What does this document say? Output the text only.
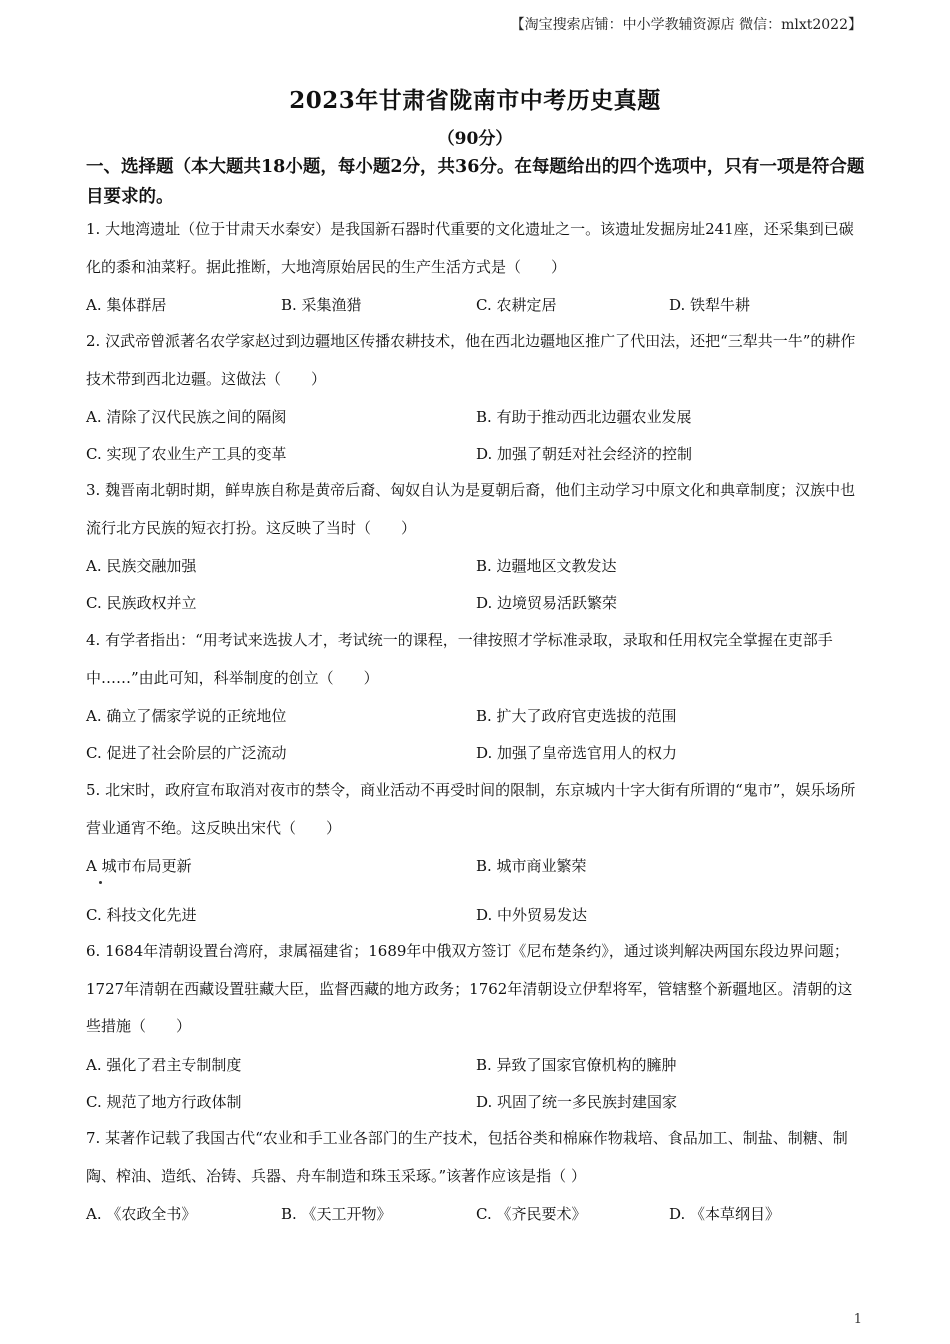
【淘宝搜索店铺：中小学教辅资源店 微信：mlxt2022】
2023年甘肃省陇南市中考历史真题
（90分）
一、选择题（本大题共18小题，每小题2分，共36分。在每题给出的四个选项中，只有一项是符合题目要求的。
1. 大地湾遗址（位于甘肃天水秦安）是我国新石器时代重要的文化遗址之一。该遗址发掘房址241座，还采集到已碳化的黍和油菜籽。据此推断，大地湾原始居民的生产生活方式是（　　）
A. 集体群居	B. 采集渔猎	C. 农耕定居	D. 铁犁牛耕
2. 汉武帝曾派著名农学家赵过到边疆地区传播农耕技术，他在西北边疆地区推广了代田法，还把“三犁共一牛”的耕作技术带到西北边疆。这做法（　　）
A. 清除了汉代民族之间的隔阂	B. 有助于推动西北边疆农业发展
C. 实现了农业生产工具的变革	D. 加强了朝廷对社会经济的控制
3. 魏晋南北朝时期，鲜卑族自称是黄帝后裔、匈奴自认为是夏朝后裔，他们主动学习中原文化和典章制度；汉族中也流行北方民族的短衣打扮。这反映了当时（　　）
A. 民族交融加强	B. 边疆地区文教发达
C. 民族政权并立	D. 边境贸易活跃繁荣
4. 有学者指出：“用考试来选拔人才，考试统一的课程，一律按照才学标准录取，录取和任用权完全掌握在吏部手中……”由此可知，科举制度的创立（　　）
A. 确立了儒家学说的正统地位	B. 扩大了政府官吏选拔的范围
C. 促进了社会阶层的广泛流动	D. 加强了皇帝选官用人的权力
5. 北宋时，政府宣布取消对夜市的禁令，商业活动不再受时间的限制，东京城内十字大街有所谓的“鬼市”，娱乐场所营业通宵不绝。这反映出宋代（　　）
A 城市布局更新	B. 城市商业繁荣
C. 科技文化先进	D. 中外贸易发达
6. 1684年清朝设置台湾府，隶属福建省；1689年中俄双方签订《尼布楚条约》，通过谈判解决两国东段边界问题；1727年清朝在西藏设置驻藏大臣，监督西藏的地方政务；1762年清朝设立伊犁将军，管辖整个新疆地区。清朝的这些措施（　　）
A. 强化了君主专制制度	B. 异致了国家官僚机构的臃肿
C. 规范了地方行政体制	D. 巩固了统一多民族封建国家
7. 某著作记载了我国古代“农业和手工业各部门的生产技术，包括谷类和棉麻作物栽培、食品加工、制盐、制糖、制陶、榨油、造纸、冶铸、兵器、舟车制造和珠玉采琢。”该著作应该是指（ ）
A. 《农政全书》	B. 《天工开物》	C. 《齐民要术》	D. 《本草纲目》
1
